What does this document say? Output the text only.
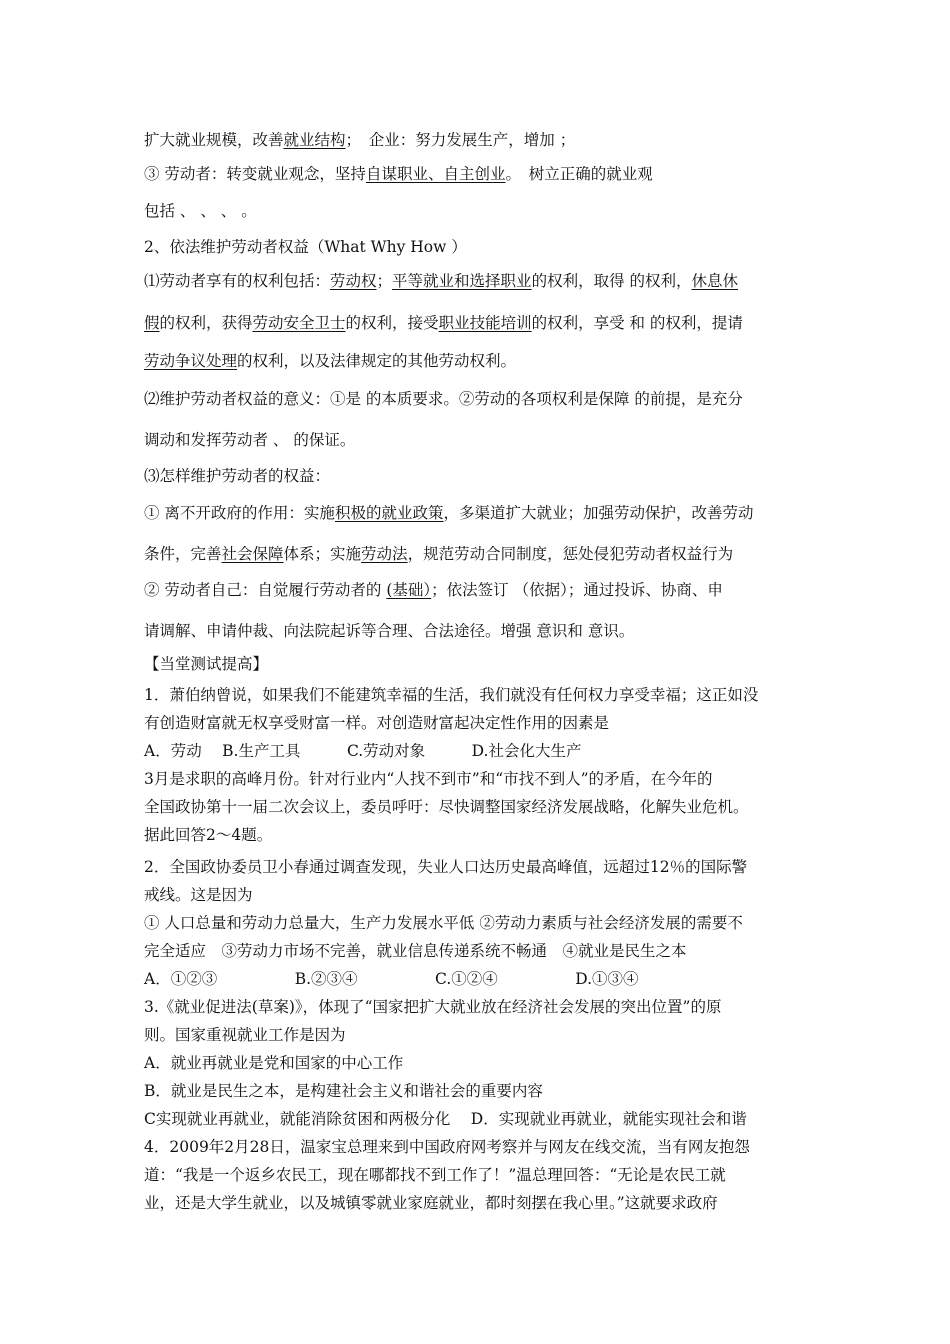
扩大就业规模，改善就业结构；　企业：努力发展生产，增加 ；
③ 劳动者：转变就业观念，坚持自谋职业、自主创业。　树立正确的就业观
包括 、 、 、 。
2、依法维护劳动者权益（What Why How ）
⑴劳动者享有的权利包括：劳动权；平等就业和选择职业的权利，取得 的权利，休息休
假的权利，获得劳动安全卫士的权利，接受职业技能培训的权利，享受 和 的权利，提请
劳动争议处理的权利，以及法律规定的其他劳动权利。
⑵维护劳动者权益的意义：①是 的本质要求。②劳动的各项权利是保障 的前提，是充分
调动和发挥劳动者 、 的保证。
⑶怎样维护劳动者的权益：
① 离不开政府的作用：实施积极的就业政策，多渠道扩大就业；加强劳动保护，改善劳动
条件，完善社会保障体系；实施劳动法，规范劳动合同制度，惩处侵犯劳动者权益行为
② 劳动者自己：自觉履行劳动者的 (基础）；依法签订 （依据）；通过投诉、协商、申
请调解、申请仲裁、向法院起诉等合理、合法途径。增强 意识和 意识。
【当堂测试提高】
1．萧伯纳曾说，如果我们不能建筑幸福的生活，我们就没有任何权力享受幸福；这正如没
有创造财富就无权享受财富一样。对创造财富起决定性作用的因素是
A．劳动　 B.生产工具　　　C.劳动对象　　　D.社会化大生产
3月是求职的高峰月份。针对行业内“人找不到市”和“市找不到人”的矛盾，在今年的
全国政协第十一届二次会议上，委员呼吁：尽快调整国家经济发展战略，化解失业危机。
据此回答2～4题。
2．全国政协委员卫小春通过调查发现，失业人口达历史最高峰值，远超过12％的国际警
戒线。这是因为
① 人口总量和劳动力总量大，生产力发展水平低 ②劳动力素质与社会经济发展的需要不
完全适应　③劳动力市场不完善，就业信息传递系统不畅通　④就业是民生之本
A．①②③　　　　　B.②③④　　　　　C.①②④　　　　　D.①③④
3.《就业促进法(草案)》，体现了“国家把扩大就业放在经济社会发展的突出位置”的原
则。国家重视就业工作是因为
A．就业再就业是党和国家的中心工作
B．就业是民生之本，是构建社会主义和谐社会的重要内容
C实现就业再就业，就能消除贫困和两极分化　 D．实现就业再就业，就能实现社会和谐
4．2009年2月28日，温家宝总理来到中国政府网考察并与网友在线交流，当有网友抱怨
道：“我是一个返乡农民工，现在哪都找不到工作了！”温总理回答：“无论是农民工就
业，还是大学生就业，以及城镇零就业家庭就业，都时刻摆在我心里。”这就要求政府
